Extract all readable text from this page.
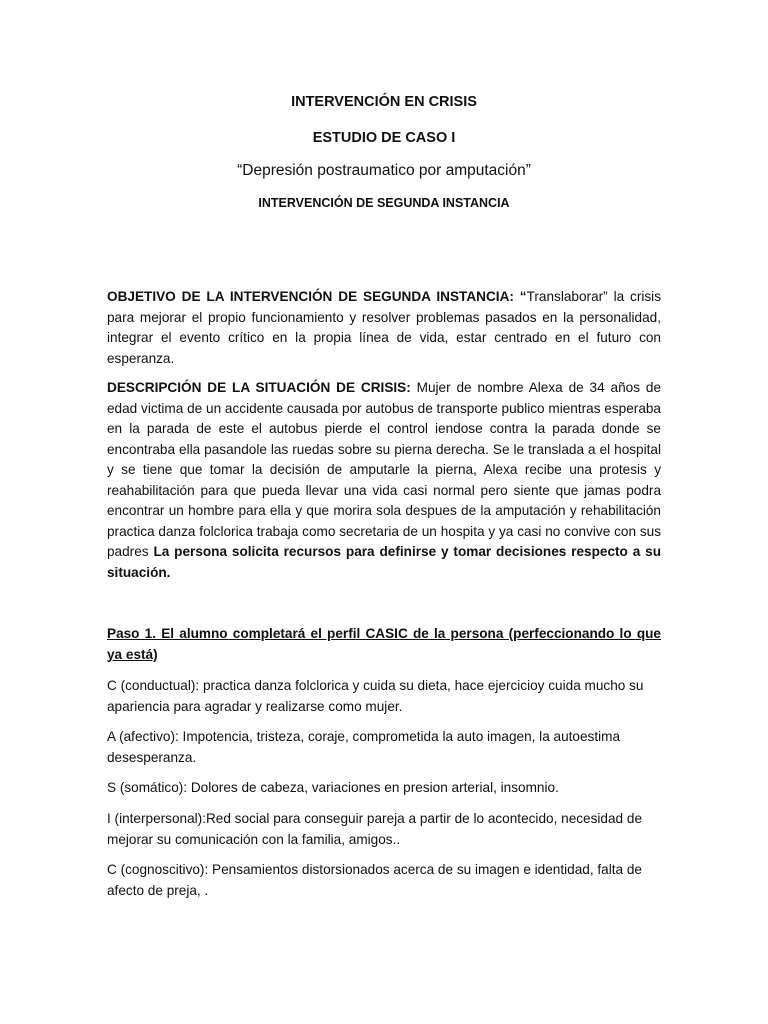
INTERVENCIÓN EN CRISIS
ESTUDIO DE CASO I
“Depresión postraumatico por amputación”
INTERVENCIÓN DE SEGUNDA INSTANCIA

OBJETIVO DE LA INTERVENCIÓN DE SEGUNDA INSTANCIA: “Translaborar” la crisis para mejorar el propio funcionamiento y resolver problemas pasados en la personalidad, integrar el evento crítico en la propia línea de vida, estar centrado en el futuro con esperanza.

DESCRIPCIÓN DE LA SITUACIÓN DE CRISIS: Mujer de nombre Alexa de 34 años de edad victima de un accidente causada por autobus de transporte publico mientras esperaba en la parada de este el autobus pierde el control iendose contra la parada donde se encontraba ella pasandole las ruedas sobre su pierna derecha. Se le translada a el hospital y se tiene que tomar la decisión de amputarle la pierna, Alexa recibe una protesis y reahabilitación para que pueda llevar una vida casi normal pero siente que jamas podra encontrar un hombre para ella y que morira sola despues de la amputación y rehabilitación practica danza folclorica trabaja como secretaria de un hospita y ya casi no convive con sus padres La persona solicita recursos para definirse y tomar decisiones respecto a su situación.

Paso 1. El alumno completará el perfil CASIC de la persona (perfeccionando lo que ya está)

C (conductual): practica danza folclorica y cuida su dieta, hace ejercicioy cuida mucho su apariencia para agradar y realizarse como mujer.

A (afectivo): Impotencia, tristeza, coraje, comprometida la auto imagen, la autoestima desesperanza.

S (somático): Dolores de cabeza, variaciones en presion arterial, insomnio.

I (interpersonal):Red social para conseguir pareja a partir de lo acontecido, necesidad de mejorar su comunicación con la familia, amigos..

C (cognoscitivo): Pensamientos distorsionados acerca de su imagen e identidad, falta de afecto de preja, .
